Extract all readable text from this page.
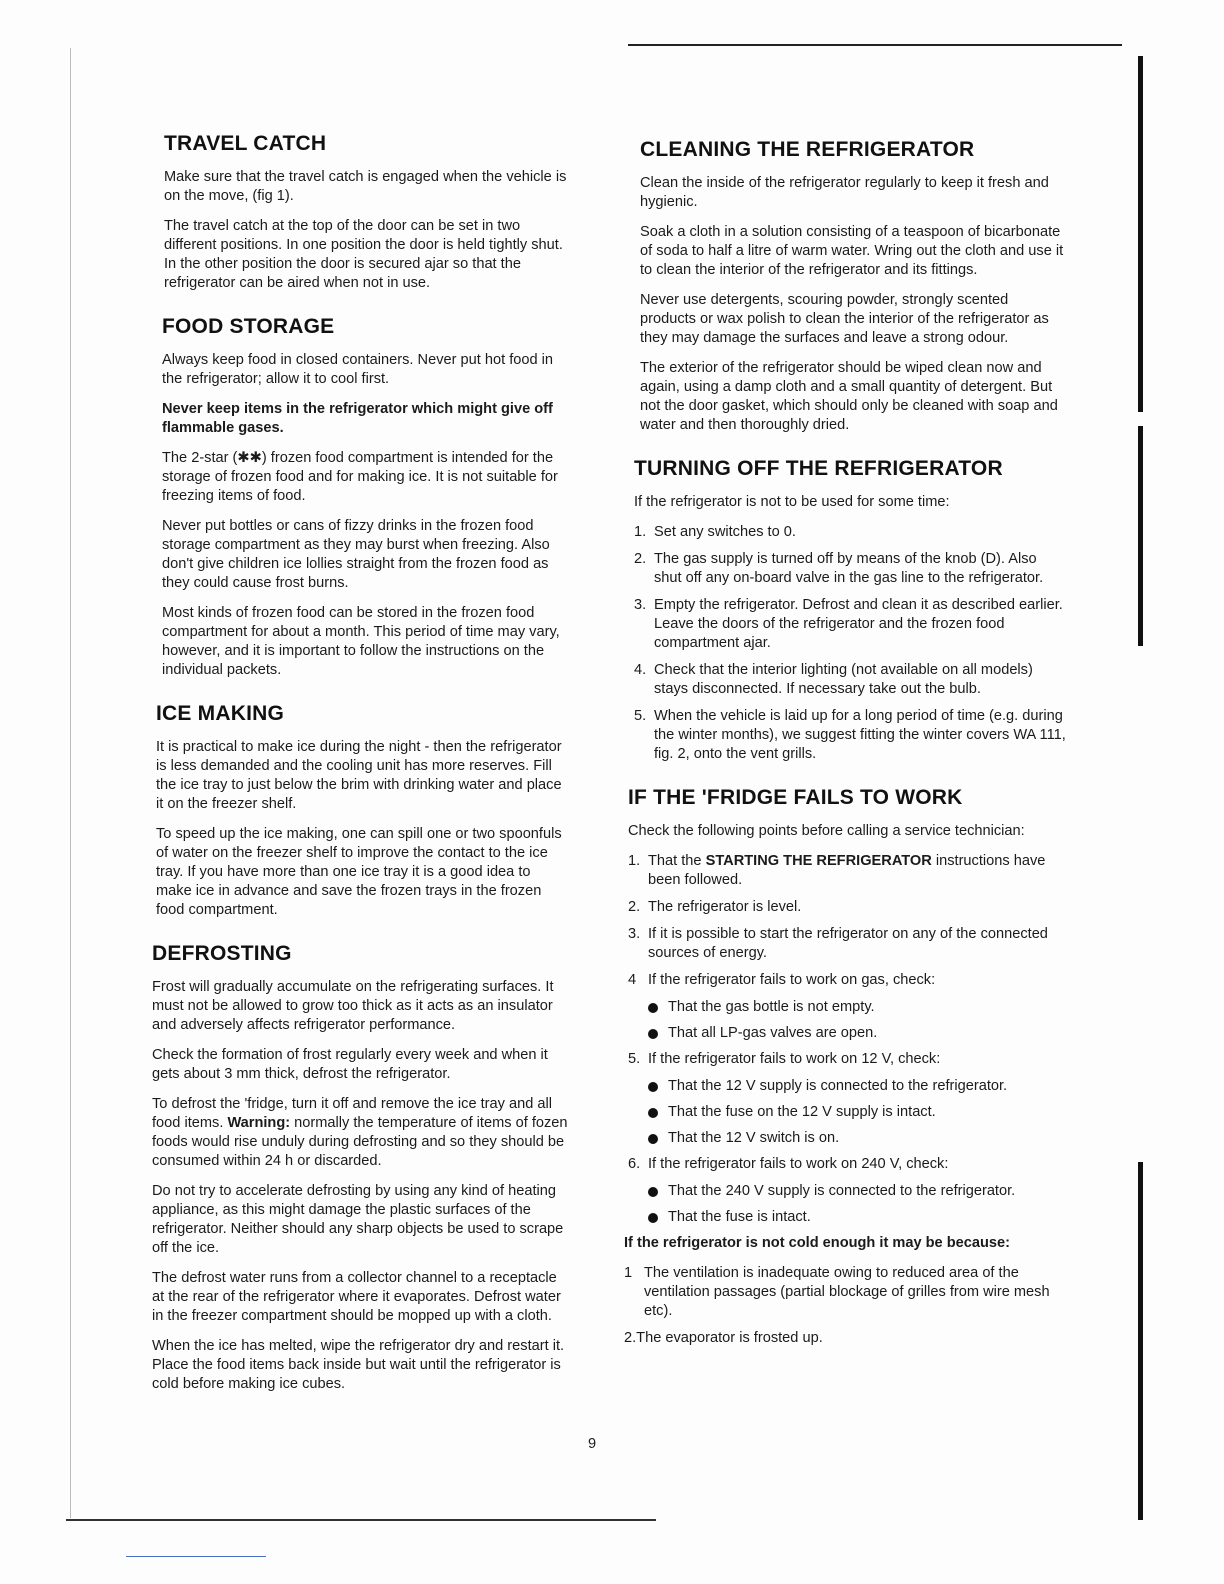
TRAVEL CATCH

Make sure that the travel catch is engaged when the vehicle is on the move, (fig 1).

The travel catch at the top of the door can be set in two different positions. In one position the door is held tightly shut. In the other position the door is secured ajar so that the refrigerator can be aired when not in use.

FOOD STORAGE

Always keep food in closed containers. Never put hot food in the refrigerator; allow it to cool first.

Never keep items in the refrigerator which might give off flammable gases.

The 2-star (✱✱) frozen food compartment is intended for the storage of frozen food and for making ice. It is not suitable for freezing items of food.

Never put bottles or cans of fizzy drinks in the frozen food storage compartment as they may burst when freezing. Also don't give children ice lollies straight from the frozen food as they could cause frost burns.

Most kinds of frozen food can be stored in the frozen food compartment for about a month. This period of time may vary, however, and it is important to follow the instructions on the individual packets.

ICE MAKING

It is practical to make ice during the night - then the refrigerator is less demanded and the cooling unit has more reserves. Fill the ice tray to just below the brim with drinking water and place it on the freezer shelf.

To speed up the ice making, one can spill one or two spoonfuls of water on the freezer shelf to improve the contact to the ice tray. If you have more than one ice tray it is a good idea to make ice in advance and save the frozen trays in the frozen food compartment.

DEFROSTING

Frost will gradually accumulate on the refrigerating surfaces. It must not be allowed to grow too thick as it acts as an insulator and adversely affects refrigerator performance.

Check the formation of frost regularly every week and when it gets about 3 mm thick, defrost the refrigerator.

To defrost the 'fridge, turn it off and remove the ice tray and all food items. Warning: normally the temperature of items of fozen foods would rise unduly during defrosting and so they should be consumed within 24 h or discarded.

Do not try to accelerate defrosting by using any kind of heating appliance, as this might damage the plastic surfaces of the refrigerator. Neither should any sharp objects be used to scrape off the ice.

The defrost water runs from a collector channel to a receptacle at the rear of the refrigerator where it evaporates. Defrost water in the freezer compartment should be mopped up with a cloth.

When the ice has melted, wipe the refrigerator dry and restart it. Place the food items back inside but wait until the refrigerator is cold before making ice cubes.

CLEANING THE REFRIGERATOR

Clean the inside of the refrigerator regularly to keep it fresh and hygienic.

Soak a cloth in a solution consisting of a teaspoon of bicarbonate of soda to half a litre of warm water. Wring out the cloth and use it to clean the interior of the refrigerator and its fittings.

Never use detergents, scouring powder, strongly scented products or wax polish to clean the interior of the refrigerator as they may damage the surfaces and leave a strong odour.

The exterior of the refrigerator should be wiped clean now and again, using a damp cloth and a small quantity of detergent. But not the door gasket, which should only be cleaned with soap and water and then thoroughly dried.

TURNING OFF THE REFRIGERATOR

If the refrigerator is not to be used for some time:

1. Set any switches to 0.
2. The gas supply is turned off by means of the knob (D). Also shut off any on-board valve in the gas line to the refrigerator.
3. Empty the refrigerator. Defrost and clean it as described earlier. Leave the doors of the refrigerator and the frozen food compartment ajar.
4. Check that the interior lighting (not available on all models) stays disconnected. If necessary take out the bulb.
5. When the vehicle is laid up for a long period of time (e.g. during the winter months), we suggest fitting the winter covers WA 111, fig. 2, onto the vent grills.
IF THE 'FRIDGE FAILS TO WORK

Check the following points before calling a service technician:

1. That the STARTING THE REFRIGERATOR instructions have been followed.
2. The refrigerator is level.
3. If it is possible to start the refrigerator on any of the connected sources of energy.
4 If the refrigerator fails to work on gas, check:
That the gas bottle is not empty.
That all LP-gas valves are open.
5. If the refrigerator fails to work on 12 V, check:
That the 12 V supply is connected to the refrigerator.
That the fuse on the 12 V supply is intact.
That the 12 V switch is on.
6. If the refrigerator fails to work on 240 V, check:
That the 240 V supply is connected to the refrigerator.
That the fuse is intact.

If the refrigerator is not cold enough it may be because:

1 The ventilation is inadequate owing to reduced area of the ventilation passages (partial blockage of grilles from wire mesh etc).
2.The evaporator is frosted up.
9
